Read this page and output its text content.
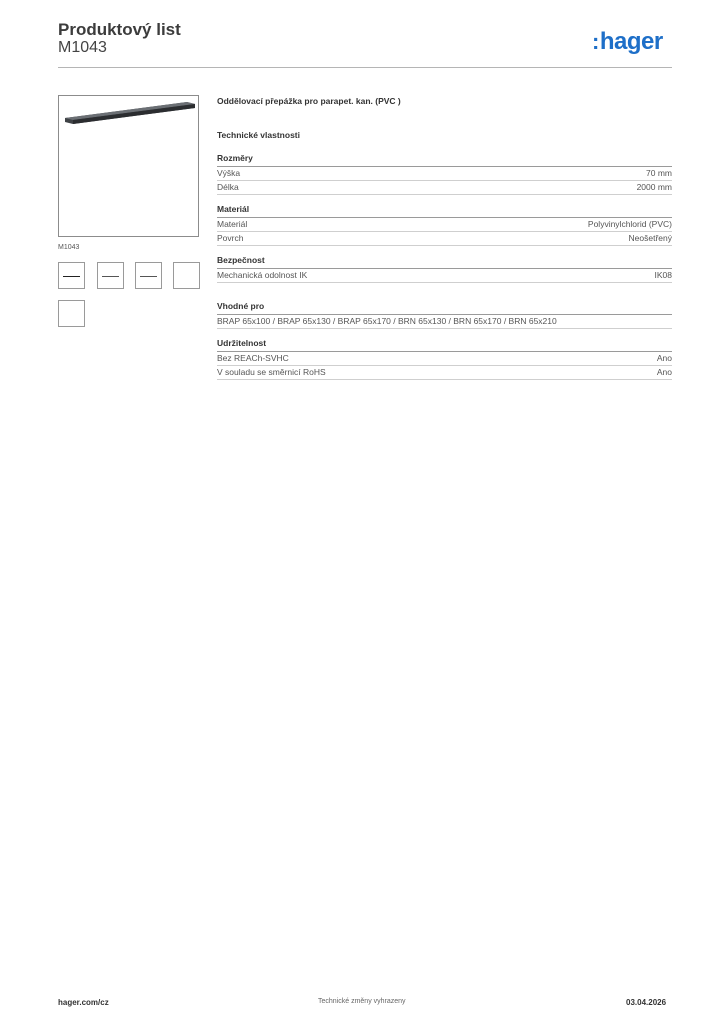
Produktový list
M1043	:hager
M1043
Oddělovací přepážka pro parapet. kan. (PVC )
Technické vlastnosti
Rozměry
Výška	70 mm
Délka	2000 mm
Materiál
Materiál	Polyvinylchlorid (PVC)
Povrch	Neošetřený
Bezpečnost
Mechanická odolnost IK	IK08
Vhodné pro
BRAP 65x100 / BRAP 65x130 / BRAP 65x170 / BRN 65x130 / BRN 65x170 / BRN 65x210
Udržitelnost
Bez REACh-SVHC	Ano
V souladu se směrnicí RoHS	Ano
hager.com/cz	Technické změny vyhrazeny	03.04.2026
